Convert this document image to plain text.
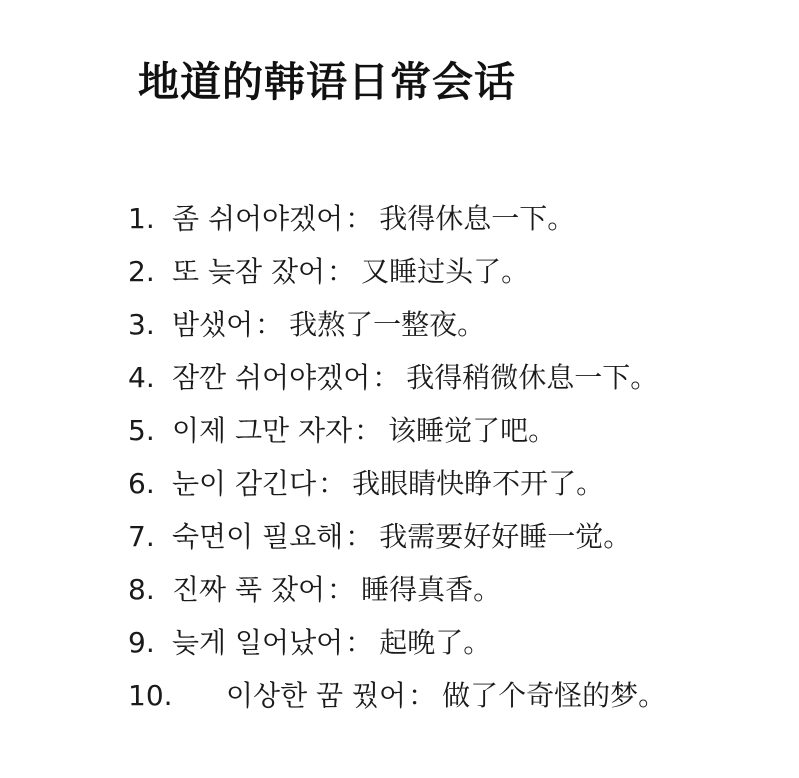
地道的韩语日常会话
1. 좀 쉬어야겠어 ： 我得休息一下。
2. 또 늦잠 잤어 ： 又睡过头了。
3. 밤샜어 ： 我熬了一整夜。
4. 잠깐 쉬어야겠어 ： 我得稍微休息一下。
5. 이제 그만 자자 ： 该睡觉了吧。
6. 눈이 감긴다 ： 我眼睛快睁不开了。
7. 숙면이 필요해 ： 我需要好好睡一觉。
8. 진짜 푹 잤어 ： 睡得真香。
9. 늦게 일어났어 ： 起晚了。
10.	이상한 꿈 꿨어 ： 做了个奇怪的梦。
